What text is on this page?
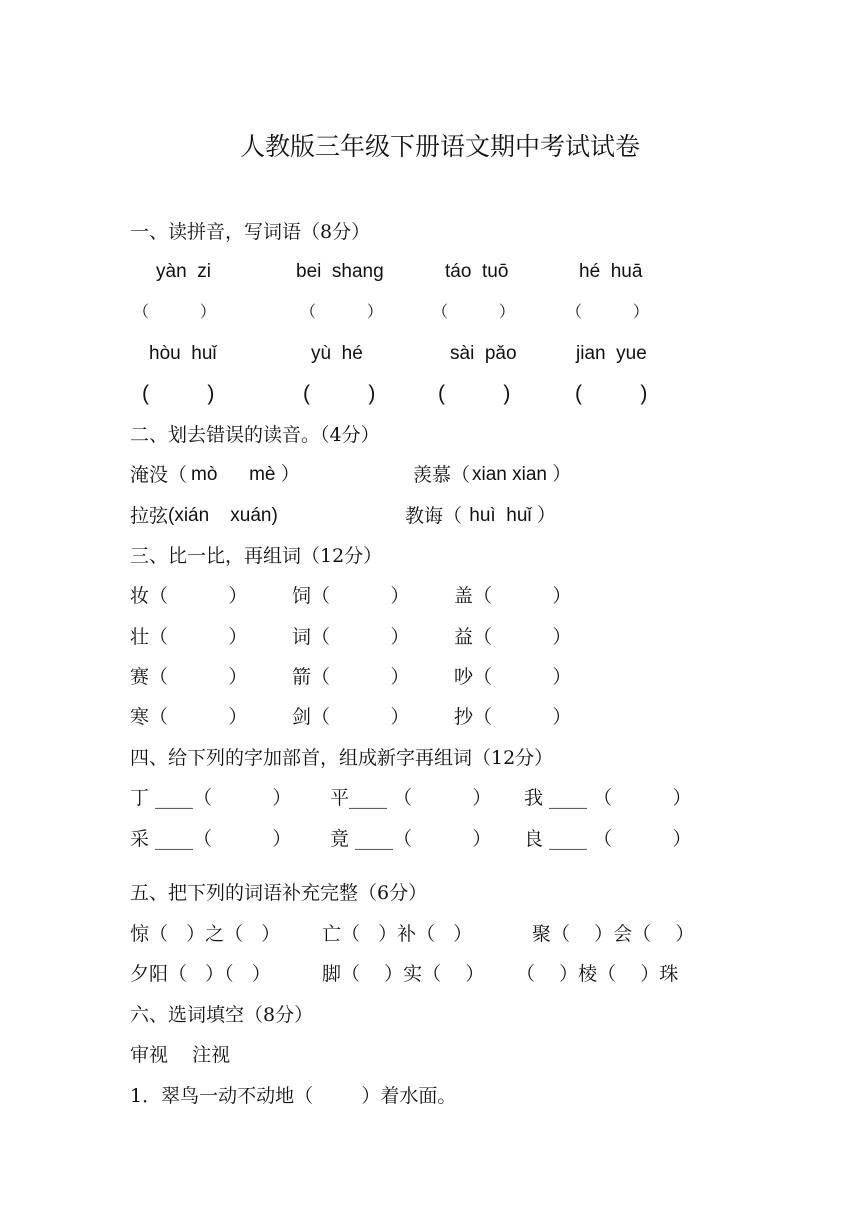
人教版三年级下册语文期中考试试卷
一、读拼音，写词语（8分）
yàn  zi	bei  shang	táo  tuō	hé  huā
（          ）	（          ）	（          ）	（          ）
hòu  huǐ	yù  hé	sài  pǎo	jian  yue
(          )	(          )	(          )	(          )
二、划去错误的读音。（4分）
淹没（ mò      mè ）	羡慕（ xian xian ）
拉弦 (xián    xuán)	教诲（ huì  huǐ ）
三、比一比，再组词（12分）
妆（          ） 饲（          ） 盖（          ）
壮（          ） 词（          ） 益（          ）
赛（          ） 箭（          ） 吵（          ）
寒（          ） 剑（          ） 抄（          ）
四、给下列的字加部首，组成新字再组词（12分）
丁 ____（          ） 平____ （          ） 我 ____ （          ）
采 ____（          ） 竟 ____（          ） 良 ____ （          ）
五、把下列的词语补充完整（6分）
惊（   ）之（   ） 亡（   ）补（   ）	聚（    ）会（    ）
夕阳（   ）（   ）	脚（    ）实（    ） （    ）棱（    ）珠
六、选词填空（8分）
审视    注视
1．翠鸟一动不动地（        ）着水面。
